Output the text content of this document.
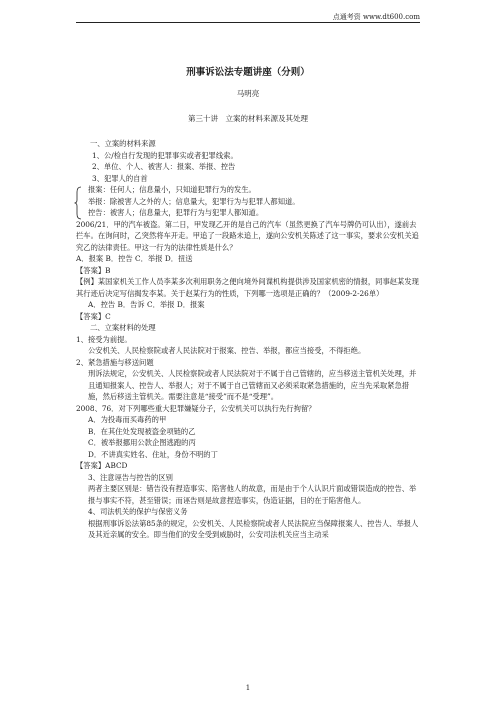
点通考资 www.dt600.com
刑事诉讼法专题讲座（分则）
马明亮
第三十讲　立案的材料来源及其处理

一、立案的材料来源

1、公/检自行发现的犯罪事实或者犯罪线索。

2、单位、个人、被害人：报案、举报、控告

3、犯罪人的自首

报案：任何人；信息量小，只知道犯罪行为的发生。

举报：除被害人之外的人；信息量大，犯罪行为与犯罪人都知道。

控告：被害人；信息量大，犯罪行为与犯罪人都知道。

2006/21．甲的汽车被盗。第二日，甲发现乙开的是自己的汽车（虽然更换了汽车号牌仍可认出），遂前去拦车。在询问时，乙突然将车开走。甲追了一段路未追上，遂向公安机关陈述了这一事实，要求公安机关追究乙的法律责任。甲这一行为的法律性质是什么？

A．报案 B．控告 C．举报 D．扭送

【答案】B

【例】某国家机关工作人员李某多次利用职务之便向境外间谍机构提供涉及国家机密的情报，同事赵某发现其行迹后决定写信揭发李某。关于赵某行为的性质，下列哪一选项是正确的？（2009-2-26单）

A．控告 B．告诉 C．举报 D．报案

【答案】C

二、立案材料的处理

1、接受为前提。

公安机关、人民检察院或者人民法院对于报案、控告、举报，都应当接受，不得拒绝。

2、紧急措施与移送问题

刑诉法规定，公安机关、人民检察院或者人民法院对于不属于自己管辖的，应当移送主管机关处理，并且通知报案人、控告人、举报人；对于不属于自己管辖而又必须采取紧急措施的，应当先采取紧急措施，然后移送主管机关。需要注意是“接受”而不是“受理”。

2008、76．对下列哪些重大犯罪嫌疑分子，公安机关可以执行先行拘留？

A．为投毒而买毒药的甲

B．在其住处发现被盗金项链的乙

C．被举报挪用公款企图逃跑的丙

D．不讲真实姓名、住址，身份不明的丁

【答案】ABCD

3、注意诬告与控告的区别

两者主要区别是：错告没有捏造事实、陷害他人的故意，而是由于个人认识片面或错误造成的控告、举报与事实不符，甚至错误；而诬告则是故意捏造事实，伪造证据，目的在于陷害他人。

4、司法机关的保护与保密义务

根据刑事诉讼法第85条的规定，公安机关、人民检察院或者人民法院应当保障报案人、控告人、举报人及其近亲属的安全。即当他们的安全受到威胁时，公安司法机关应当主动采

1
